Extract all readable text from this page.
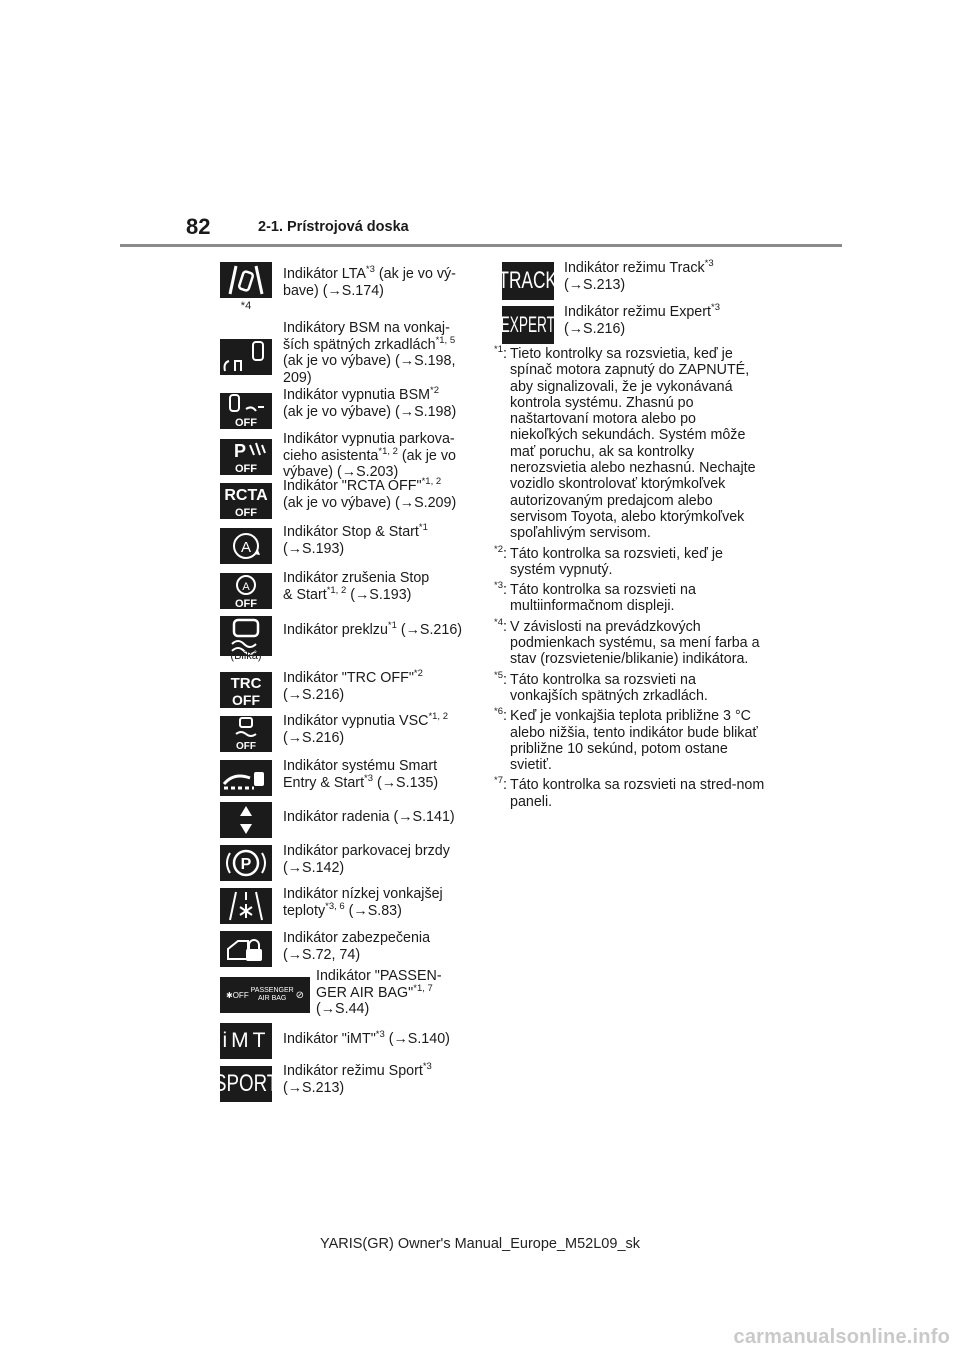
82	2-1. Prístrojová doska
*4
Indikátor LTA$^{*3}$ (ak je vo vý-
bave) (→S.174)
Indikátory BSM na vonkaj-
ších spätných zrkadlách$^{*1, 5}$
(ak je vo výbave) (→S.198,
209)
OFF
Indikátor vypnutia BSM$^{*2}$
(ak je vo výbave) (→S.198)
P
OFF
Indikátor vypnutia parkova-
cieho asistenta$^{*1, 2}$ (ak je vo
výbave) (→S.203)
RCTA
OFF
Indikátor "RCTA OFF"$^{*1, 2}$
(ak je vo výbave) (→S.209)
A
Indikátor Stop & Start$^{*1}$
(→S.193)
A
OFF
Indikátor zrušenia Stop
& Start$^{*1, 2}$ (→S.193)
(Bliká)
Indikátor preklzu$^{*1}$ (→S.216)
TRC
OFF
Indikátor "TRC OFF"$^{*2}$
(→S.216)
OFF
Indikátor vypnutia VSC$^{*1, 2}$
(→S.216)
Indikátor systému Smart
Entry & Start$^{*3}$ (→S.135)
Indikátor radenia (→S.141)
P
Indikátor parkovacej brzdy
(→S.142)
Indikátor nízkej vonkajšej
teploty$^{*3, 6}$ (→S.83)
Indikátor zabezpečenia
(→S.72, 74)
✱OFF PASSENGER
AIR BAG ⊘
Indikátor "PASSEN-
GER AIR BAG"$^{*1, 7}$
(→S.44)
iMT Indikátor "iMT"$^{*3}$ (→S.140)
SPORT Indikátor režimu Sport$^{*3}$
(→S.213)
TRACK Indikátor režimu Track$^{*3}$
(→S.213)
EXPERT Indikátor režimu Expert$^{*3}$
(→S.216)
$^{*1}$: Tieto kontrolky sa rozsvietia, keď je spínač motora zapnutý do ZAPNUTÉ, aby signalizovali, že je vykonávaná kontrola systému. Zhasnú po naštartovaní motora alebo po niekoľkých sekundách. Systém môže mať poruchu, ak sa kontrolky nerozsvietia alebo nezhasnú. Nechajte vozidlo skontrolovať ktorýmkoľvek autorizovaným predajcom alebo servisom Toyota, alebo ktorýmkoľvek spoľahlivým servisom.
$^{*2}$: Táto kontrolka sa rozsvieti, keď je systém vypnutý.
$^{*3}$: Táto kontrolka sa rozsvieti na multiinformačnom displeji.
$^{*4}$: V závislosti na prevádzkových podmienkach systému, sa mení farba a stav (rozsvietenie/blikanie) indikátora.
$^{*5}$: Táto kontrolka sa rozsvieti na vonkajších spätných zrkadlách.
$^{*6}$: Keď je vonkajšia teplota približne 3 °C alebo nižšia, tento indikátor bude blikať približne 10 sekúnd, potom ostane svietiť.
$^{*7}$: Táto kontrolka sa rozsvieti na stred-nom paneli.
YARIS(GR) Owner's Manual_Europe_M52L09_sk
carmanualsonline.info
